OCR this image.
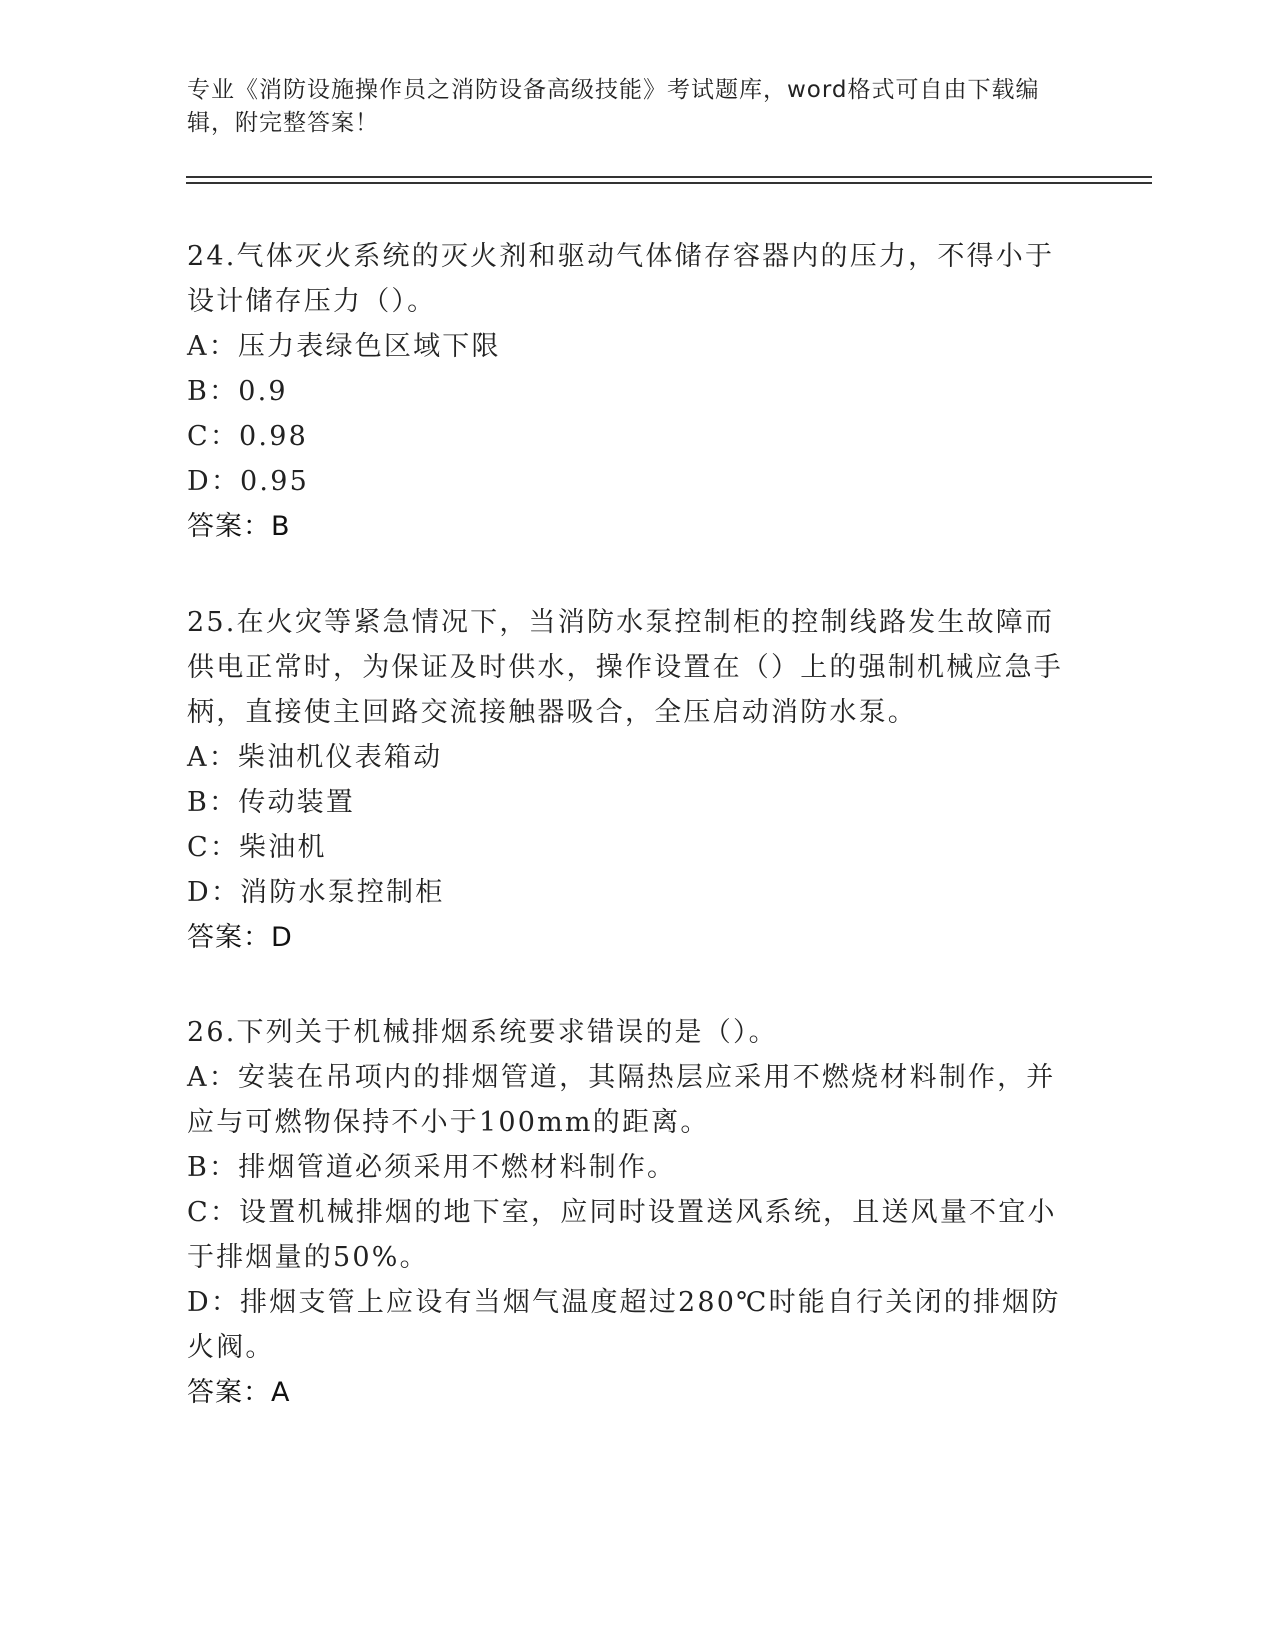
专业《消防设施操作员之消防设备高级技能》考试题库，word格式可自由下载编辑，附完整答案！

24.气体灭火系统的灭火剂和驱动气体储存容器内的压力，不得小于设计储存压力（）。

A：压力表绿色区域下限

B：0.9

C：0.98

D：0.95

答案：B

25.在火灾等紧急情况下，当消防水泵控制柜的控制线路发生故障而供电正常时，为保证及时供水，操作设置在（）上的强制机械应急手柄，直接使主回路交流接触器吸合，全压启动消防水泵。

A：柴油机仪表箱动

B：传动装置

C：柴油机

D：消防水泵控制柜

答案：D

26.下列关于机械排烟系统要求错误的是（）。

A：安装在吊项内的排烟管道，其隔热层应采用不燃烧材料制作，并应与可燃物保持不小于100mm的距离。

B：排烟管道必须采用不燃材料制作。

C：设置机械排烟的地下室，应同时设置送风系统，且送风量不宜小于排烟量的50%。

D：排烟支管上应设有当烟气温度超过280℃时能自行关闭的排烟防火阀。

答案：A
